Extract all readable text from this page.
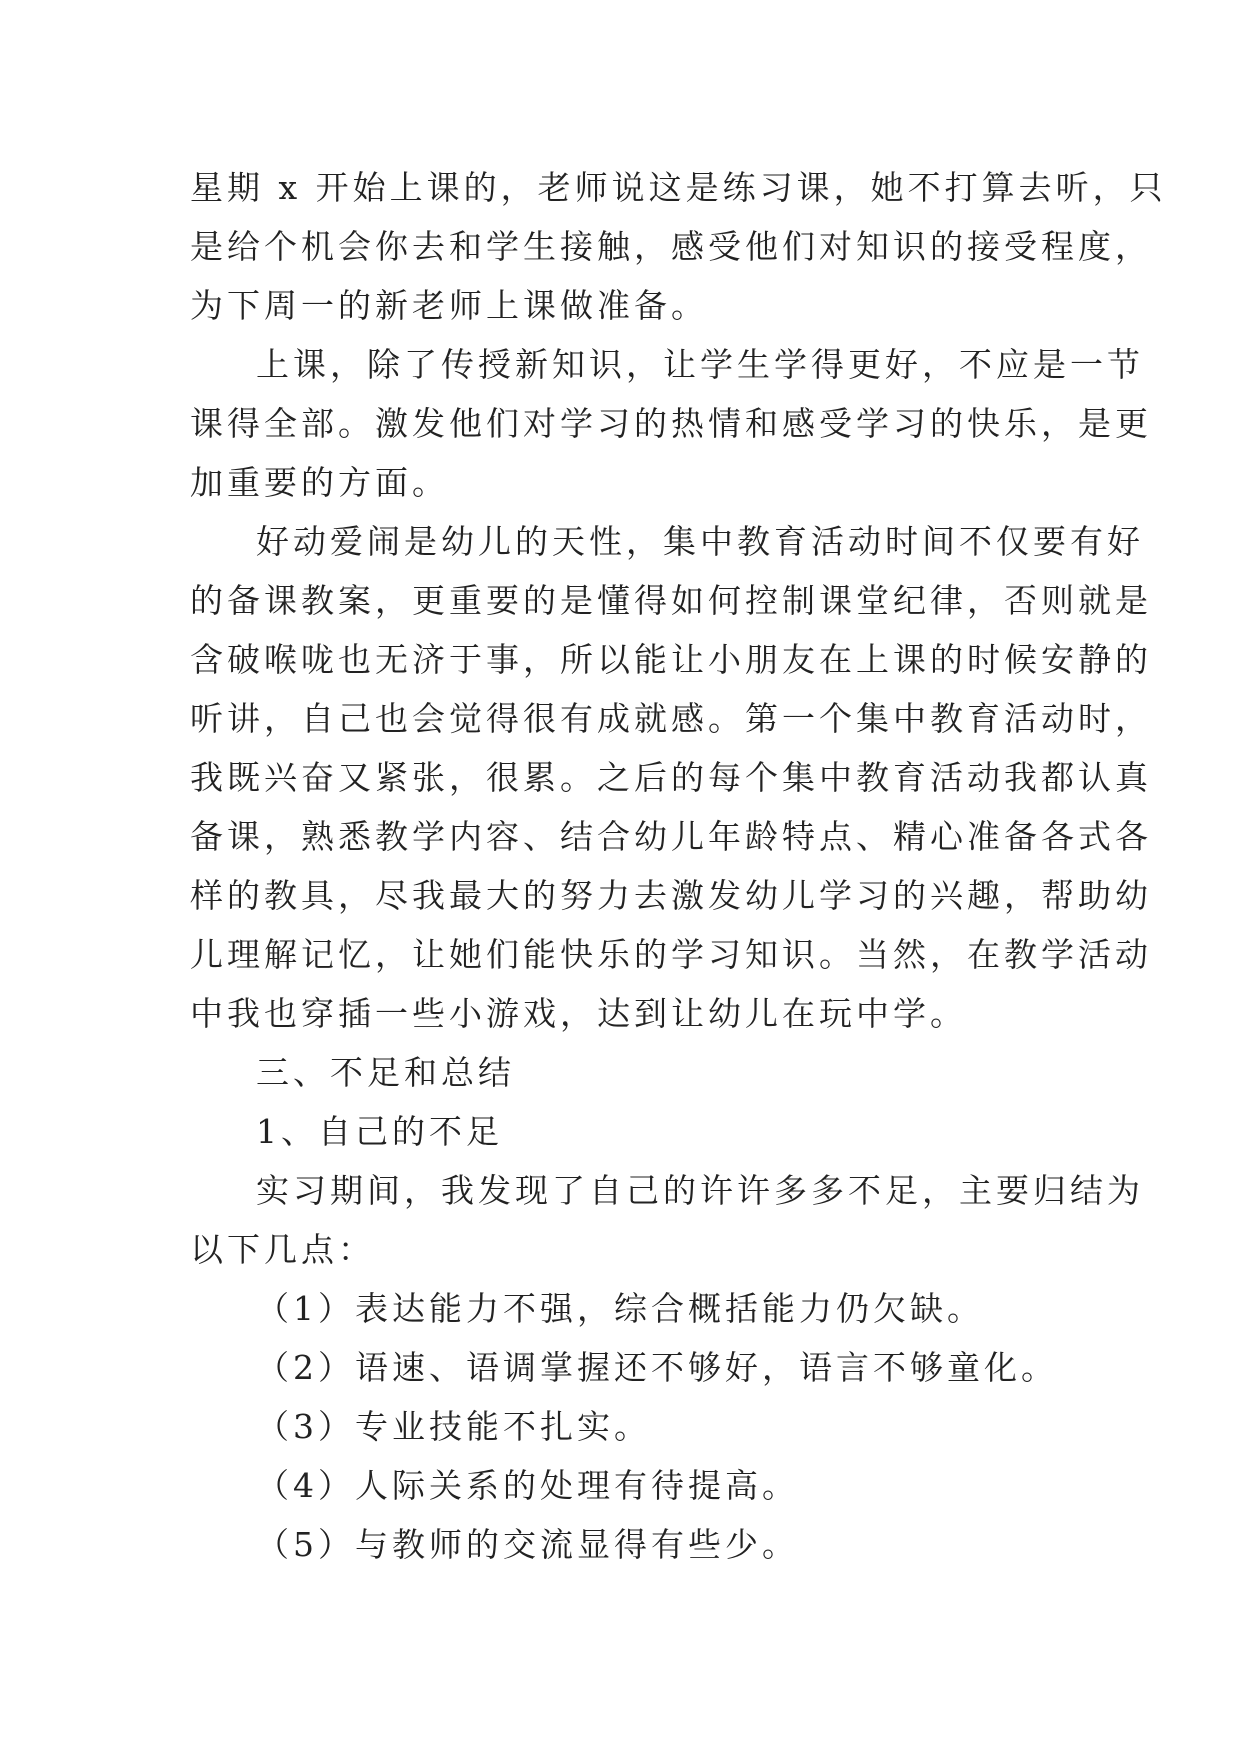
星期 x 开始上课的，老师说这是练习课，她不打算去听，只
是给个机会你去和学生接触，感受他们对知识的接受程度，
为下周一的新老师上课做准备。
上课，除了传授新知识，让学生学得更好，不应是一节
课得全部。激发他们对学习的热情和感受学习的快乐，是更
加重要的方面。
好动爱闹是幼儿的天性，集中教育活动时间不仅要有好
的备课教案，更重要的是懂得如何控制课堂纪律，否则就是
含破喉咙也无济于事，所以能让小朋友在上课的时候安静的
听讲，自己也会觉得很有成就感。第一个集中教育活动时，
我既兴奋又紧张，很累。之后的每个集中教育活动我都认真
备课，熟悉教学内容、结合幼儿年龄特点、精心准备各式各
样的教具，尽我最大的努力去激发幼儿学习的兴趣，帮助幼
儿理解记忆，让她们能快乐的学习知识。当然，在教学活动
中我也穿插一些小游戏，达到让幼儿在玩中学。
三、不足和总结
1、自己的不足
实习期间，我发现了自己的许许多多不足，主要归结为
以下几点：
（1）表达能力不强，综合概括能力仍欠缺。
（2）语速、语调掌握还不够好，语言不够童化。
（3）专业技能不扎实。
（4）人际关系的处理有待提高。
（5）与教师的交流显得有些少。
